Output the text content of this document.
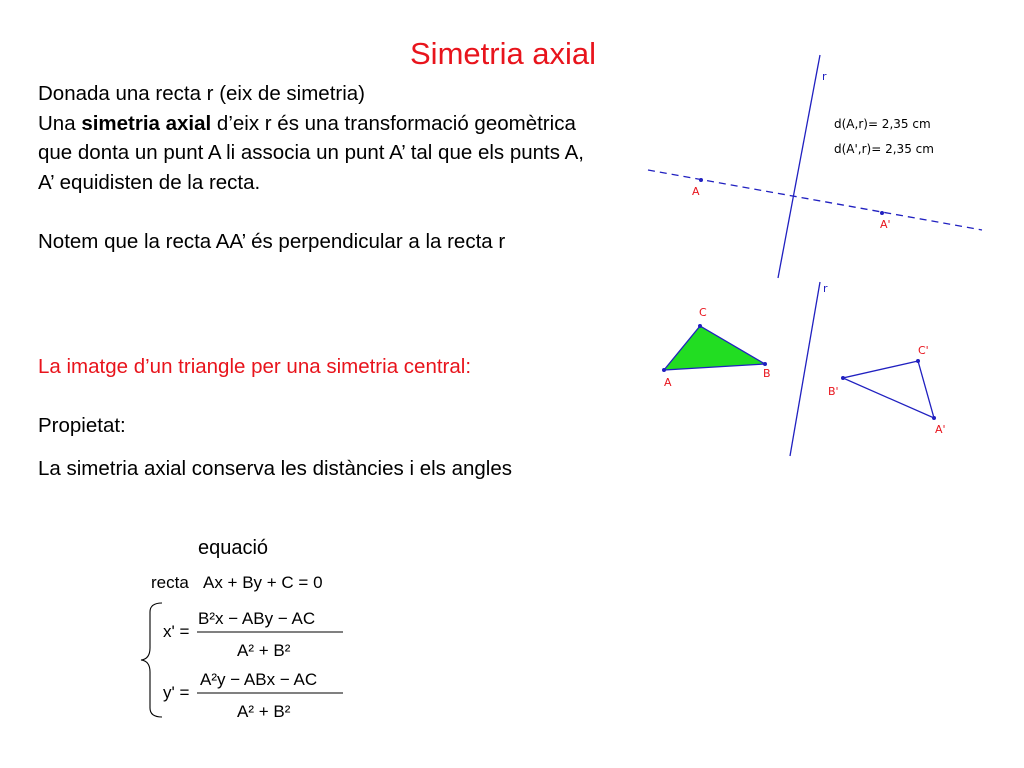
Simetria axial

Donada una recta r (eix de simetria)

Una simetria axial d’eix r és una transformació geomètrica que donta un punt A li associa un punt A’ tal que els punts A, A’ equidisten de la recta.

Notem que la recta AA’ és perpendicular a la recta r

La imatge d’un triangle per una simetria central:
Propietat:
La simetria axial conserva les distàncies i els angles
r
d(A,r)= 2,35 cm
d(A',r)= 2,35 cm
A
A'
r
C
A
B
C'
B'
A'
equació
recta Ax + By + C = 0
x' =
B²x − ABy − AC
A² + B²
y' =
A²y − ABx − AC
A² + B²
